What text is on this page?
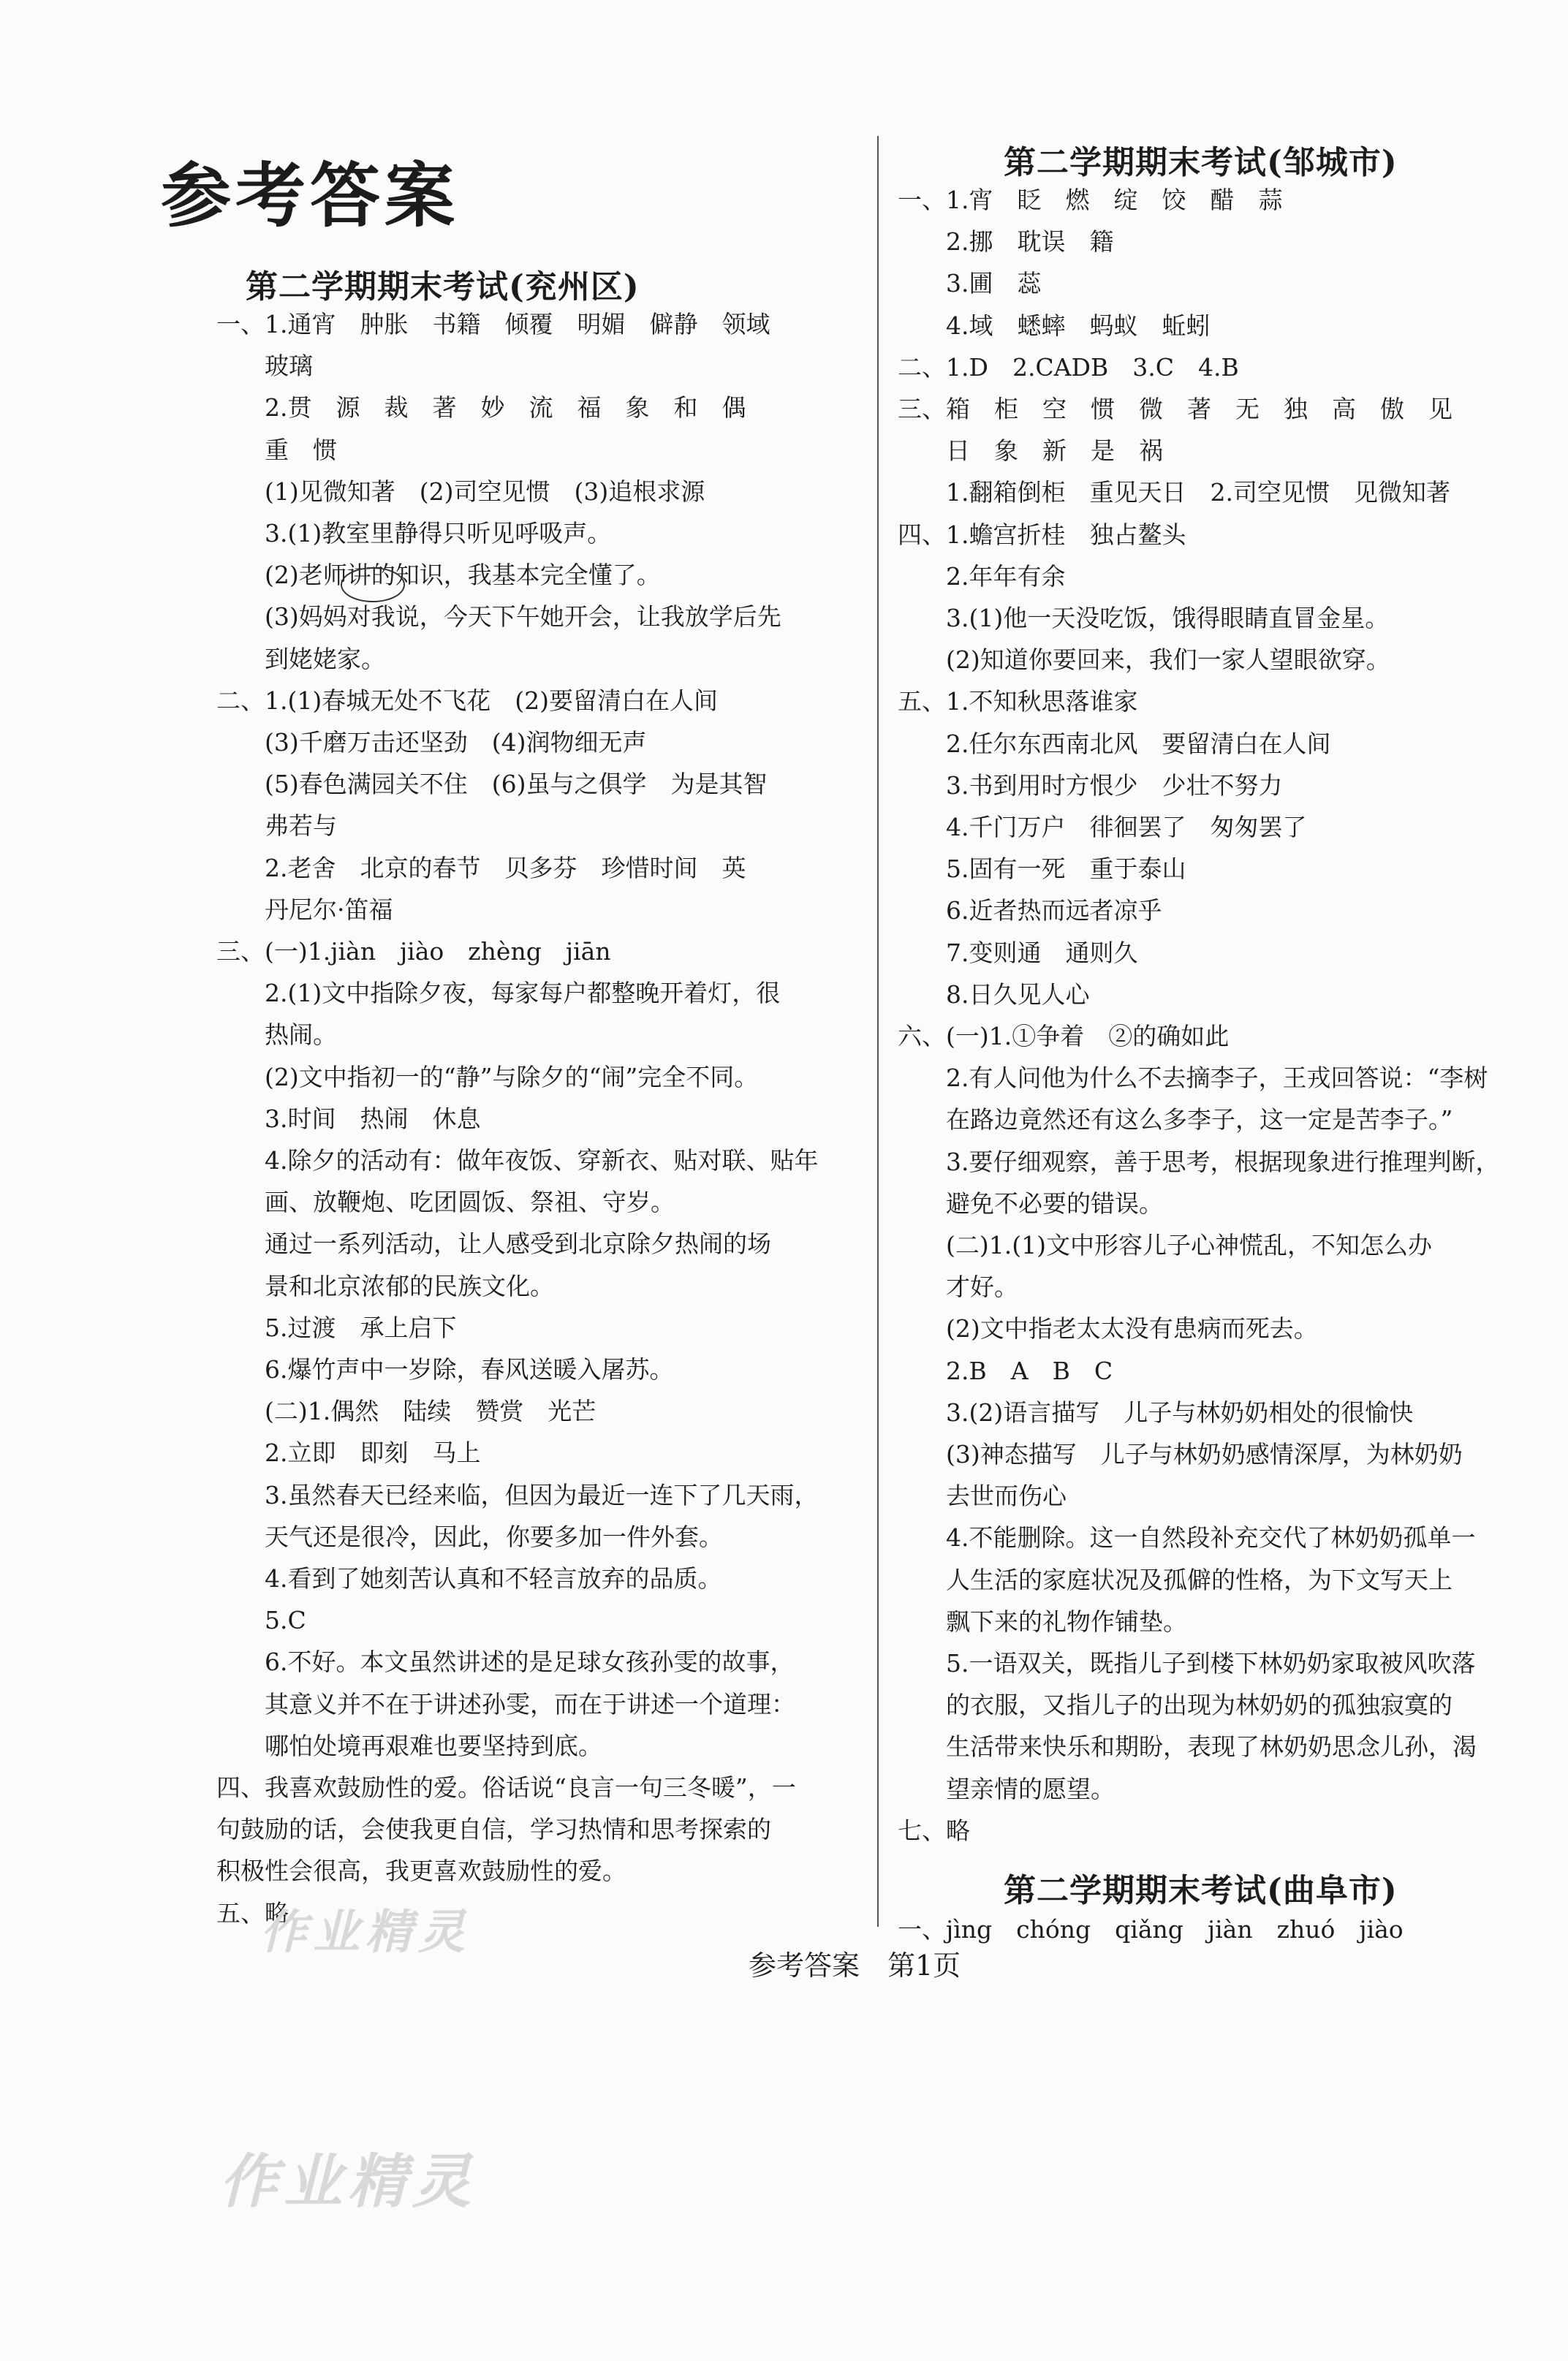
参考答案
第二学期期末考试(兖州区)
一、1.通宵　肿胀　书籍　倾覆　明媚　僻静　领域
　　玻璃
　　2.贯　源　裁　著　妙　流　福　象　和　偶
　　重　惯
　　(1)见微知著　(2)司空见惯　(3)追根求源
　　3.(1)教室里静得只听见呼吸声。
　　(2)老师讲的知识，我基本完全懂了。
　　(3)妈妈对我说，今天下午她开会，让我放学后先
　　到姥姥家。
二、1.(1)春城无处不飞花　(2)要留清白在人间
　　(3)千磨万击还坚劲　(4)润物细无声
　　(5)春色满园关不住　(6)虽与之俱学　为是其智
　　弗若与
　　2.老舍　北京的春节　贝多芬　珍惜时间　英
　　丹尼尔·笛福
三、(一)1.jiàn　jiào　zhèng　jiān
　　2.(1)文中指除夕夜，每家每户都整晚开着灯，很
　　热闹。
　　(2)文中指初一的“静”与除夕的“闹”完全不同。
　　3.时间　热闹　休息
　　4.除夕的活动有：做年夜饭、穿新衣、贴对联、贴年
　　画、放鞭炮、吃团圆饭、祭祖、守岁。
　　通过一系列活动，让人感受到北京除夕热闹的场
　　景和北京浓郁的民族文化。
　　5.过渡　承上启下
　　6.爆竹声中一岁除，春风送暖入屠苏。
　　(二)1.偶然　陆续　赞赏　光芒
　　2.立即　即刻　马上
　　3.虽然春天已经来临，但因为最近一连下了几天雨，
　　天气还是很冷，因此，你要多加一件外套。
　　4.看到了她刻苦认真和不轻言放弃的品质。
　　5.C
　　6.不好。本文虽然讲述的是足球女孩孙雯的故事，
　　其意义并不在于讲述孙雯，而在于讲述一个道理：
　　哪怕处境再艰难也要坚持到底。
四、我喜欢鼓励性的爱。俗话说“良言一句三冬暖”，一
句鼓励的话，会使我更自信，学习热情和思考探索的
积极性会很高，我更喜欢鼓励性的爱。
五、略
第二学期期末考试(邹城市)
一、1.宵　眨　燃　绽　饺　醋　蒜
　　2.挪　耽误　籍
　　3.圃　蕊
　　4.域　蟋蟀　蚂蚁　蚯蚓
二、1.D　2.CADB　3.C　4.B
三、箱　柜　空　惯　微　著　无　独　高　傲　见
　　日　象　新　是　祸
　　1.翻箱倒柜　重见天日　2.司空见惯　见微知著
四、1.蟾宫折桂　独占鳌头
　　2.年年有余
　　3.(1)他一天没吃饭，饿得眼睛直冒金星。
　　(2)知道你要回来，我们一家人望眼欲穿。
五、1.不知秋思落谁家
　　2.任尔东西南北风　要留清白在人间
　　3.书到用时方恨少　少壮不努力
　　4.千门万户　徘徊罢了　匆匆罢了
　　5.固有一死　重于泰山
　　6.近者热而远者凉乎
　　7.变则通　通则久
　　8.日久见人心
六、(一)1.①争着　②的确如此
　　2.有人问他为什么不去摘李子，王戎回答说：“李树
　　在路边竟然还有这么多李子，这一定是苦李子。”
　　3.要仔细观察，善于思考，根据现象进行推理判断，
　　避免不必要的错误。
　　(二)1.(1)文中形容儿子心神慌乱，不知怎么办
　　才好。
　　(2)文中指老太太没有患病而死去。
　　2.B　A　B　C
　　3.(2)语言描写　儿子与林奶奶相处的很愉快
　　(3)神态描写　儿子与林奶奶感情深厚，为林奶奶
　　去世而伤心
　　4.不能删除。这一自然段补充交代了林奶奶孤单一
　　人生活的家庭状况及孤僻的性格，为下文写天上
　　飘下来的礼物作铺垫。
　　5.一语双关，既指儿子到楼下林奶奶家取被风吹落
　　的衣服，又指儿子的出现为林奶奶的孤独寂寞的
　　生活带来快乐和期盼，表现了林奶奶思念儿孙，渴
　　望亲情的愿望。
七、略
第二学期期末考试(曲阜市)
一、jìng　chóng　qiǎng　jiàn　zhuó　jiào
参考答案　第1页
作业精灵
作业精灵
